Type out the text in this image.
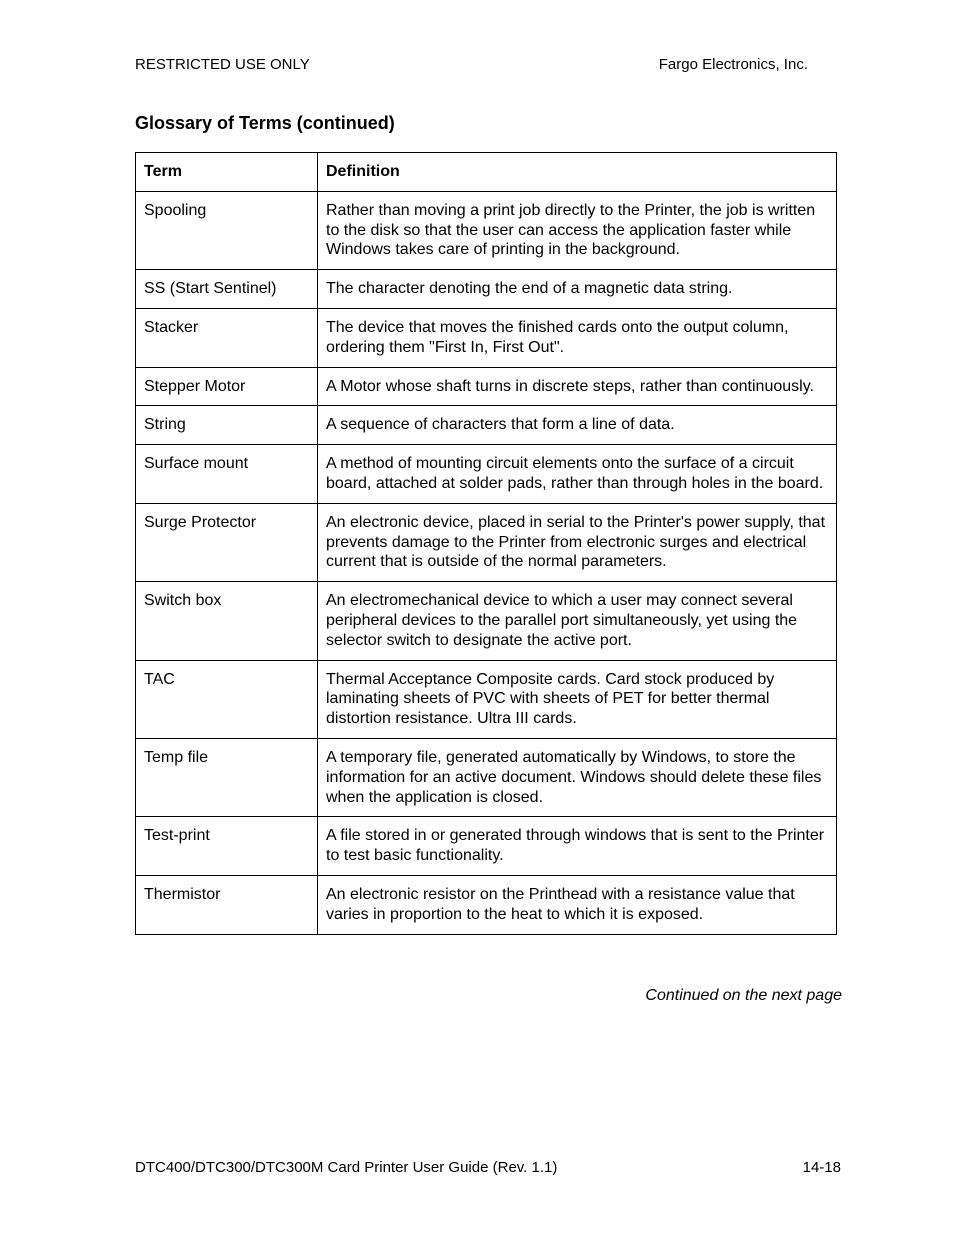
RESTRICTED USE ONLY	Fargo Electronics, Inc.
Glossary of Terms (continued)
Term	Definition
Spooling	Rather than moving a print job directly to the Printer, the job is written to the disk so that the user can access the application faster while Windows takes care of printing in the background.
SS (Start Sentinel)	The character denoting the end of a magnetic data string.
Stacker	The device that moves the finished cards onto the output column, ordering them "First In, First Out".
Stepper Motor	A Motor whose shaft turns in discrete steps, rather than continuously.
String	A sequence of characters that form a line of data.
Surface mount	A method of mounting circuit elements onto the surface of a circuit board, attached at solder pads, rather than through holes in the board.
Surge Protector	An electronic device, placed in serial to the Printer's power supply, that prevents damage to the Printer from electronic surges and electrical current that is outside of the normal parameters.
Switch box	An electromechanical device to which a user may connect several peripheral devices to the parallel port simultaneously, yet using the selector switch to designate the active port.
TAC	Thermal Acceptance Composite cards. Card stock produced by laminating sheets of PVC with sheets of PET for better thermal distortion resistance. Ultra III cards.
Temp file	A temporary file, generated automatically by Windows, to store the information for an active document. Windows should delete these files when the application is closed.
Test-print	A file stored in or generated through windows that is sent to the Printer to test basic functionality.
Thermistor	An electronic resistor on the Printhead with a resistance value that varies in proportion to the heat to which it is exposed.
Continued on the next page
DTC400/DTC300/DTC300M Card Printer User Guide (Rev. 1.1)	14-18
